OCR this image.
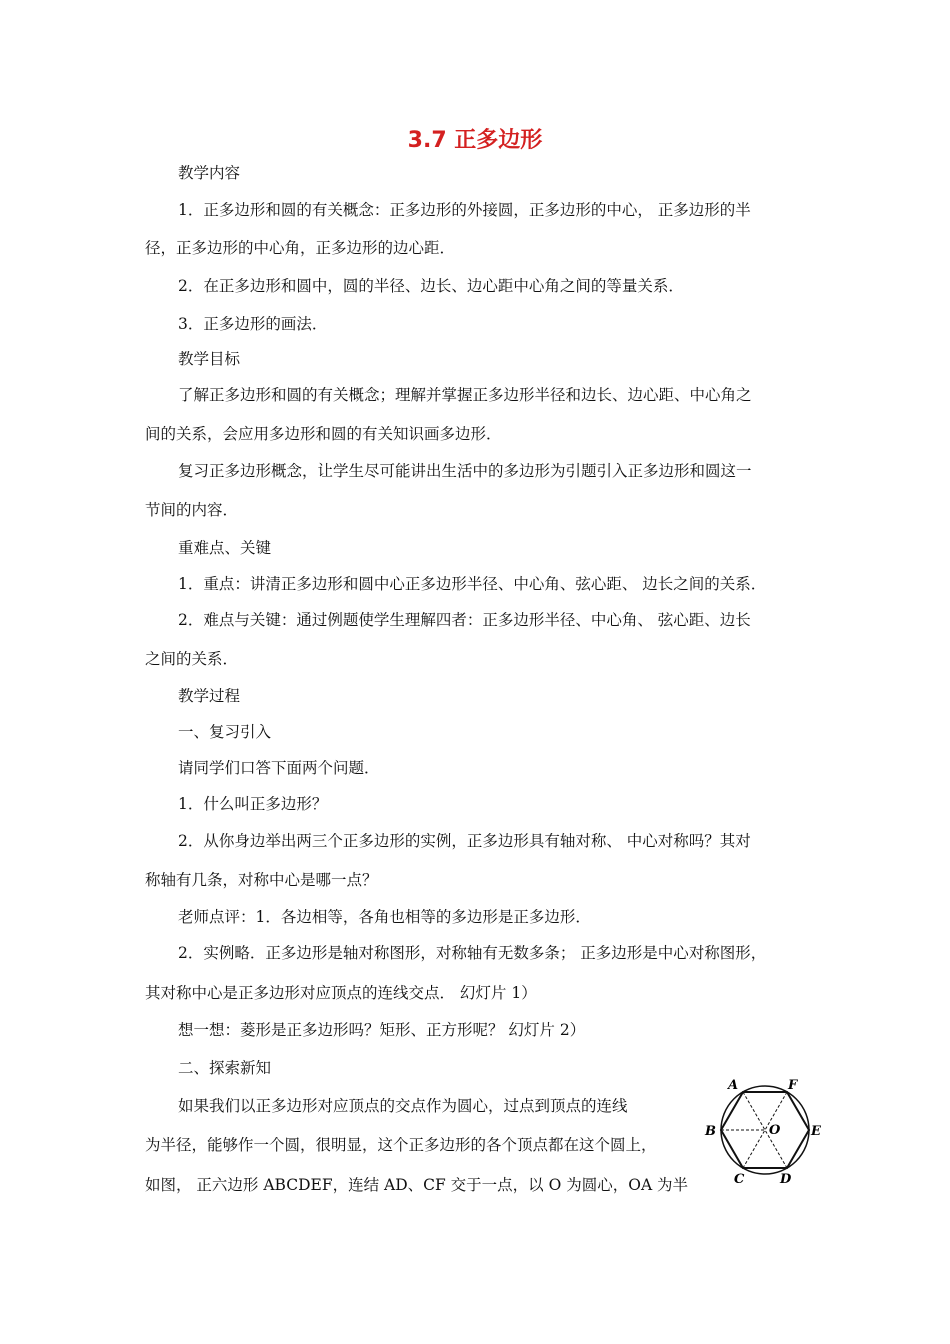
3.7 正多边形
教学内容
1．正多边形和圆的有关概念：正多边形的外接圆，正多边形的中心， 正多边形的半
径，正多边形的中心角，正多边形的边心距．
2．在正多边形和圆中，圆的半径、边长、边心距中心角之间的等量关系．
3．正多边形的画法．
教学目标
了解正多边形和圆的有关概念；理解并掌握正多边形半径和边长、边心距、中心角之
间的关系，会应用多边形和圆的有关知识画多边形．
复习正多边形概念，让学生尽可能讲出生活中的多边形为引题引入正多边形和圆这一
节间的内容．
重难点、关键
1．重点：讲清正多边形和圆中心正多边形半径、中心角、弦心距、 边长之间的关系．
2．难点与关键：通过例题使学生理解四者：正多边形半径、中心角、 弦心距、边长
之间的关系．
教学过程
一、复习引入
请同学们口答下面两个问题．
1．什么叫正多边形？
2．从你身边举出两三个正多边形的实例，正多边形具有轴对称、 中心对称吗？其对
称轴有几条，对称中心是哪一点？
老师点评：1．各边相等，各角也相等的多边形是正多边形．
2．实例略．正多边形是轴对称图形，对称轴有无数多条； 正多边形是中心对称图形，
其对称中心是正多边形对应顶点的连线交点． 幻灯片 1）
想一想：菱形是正多边形吗？矩形、正方形呢？ 幻灯片 2）
二、探索新知
如果我们以正多边形对应顶点的交点作为圆心，过点到顶点的连线
为半径，能够作一个圆，很明显，这个正多边形的各个顶点都在这个圆上，
如图， 正六边形 ABCDEF，连结 AD、CF 交于一点，以 O 为圆心，OA 为半
A	F
B	E
O
C	D
